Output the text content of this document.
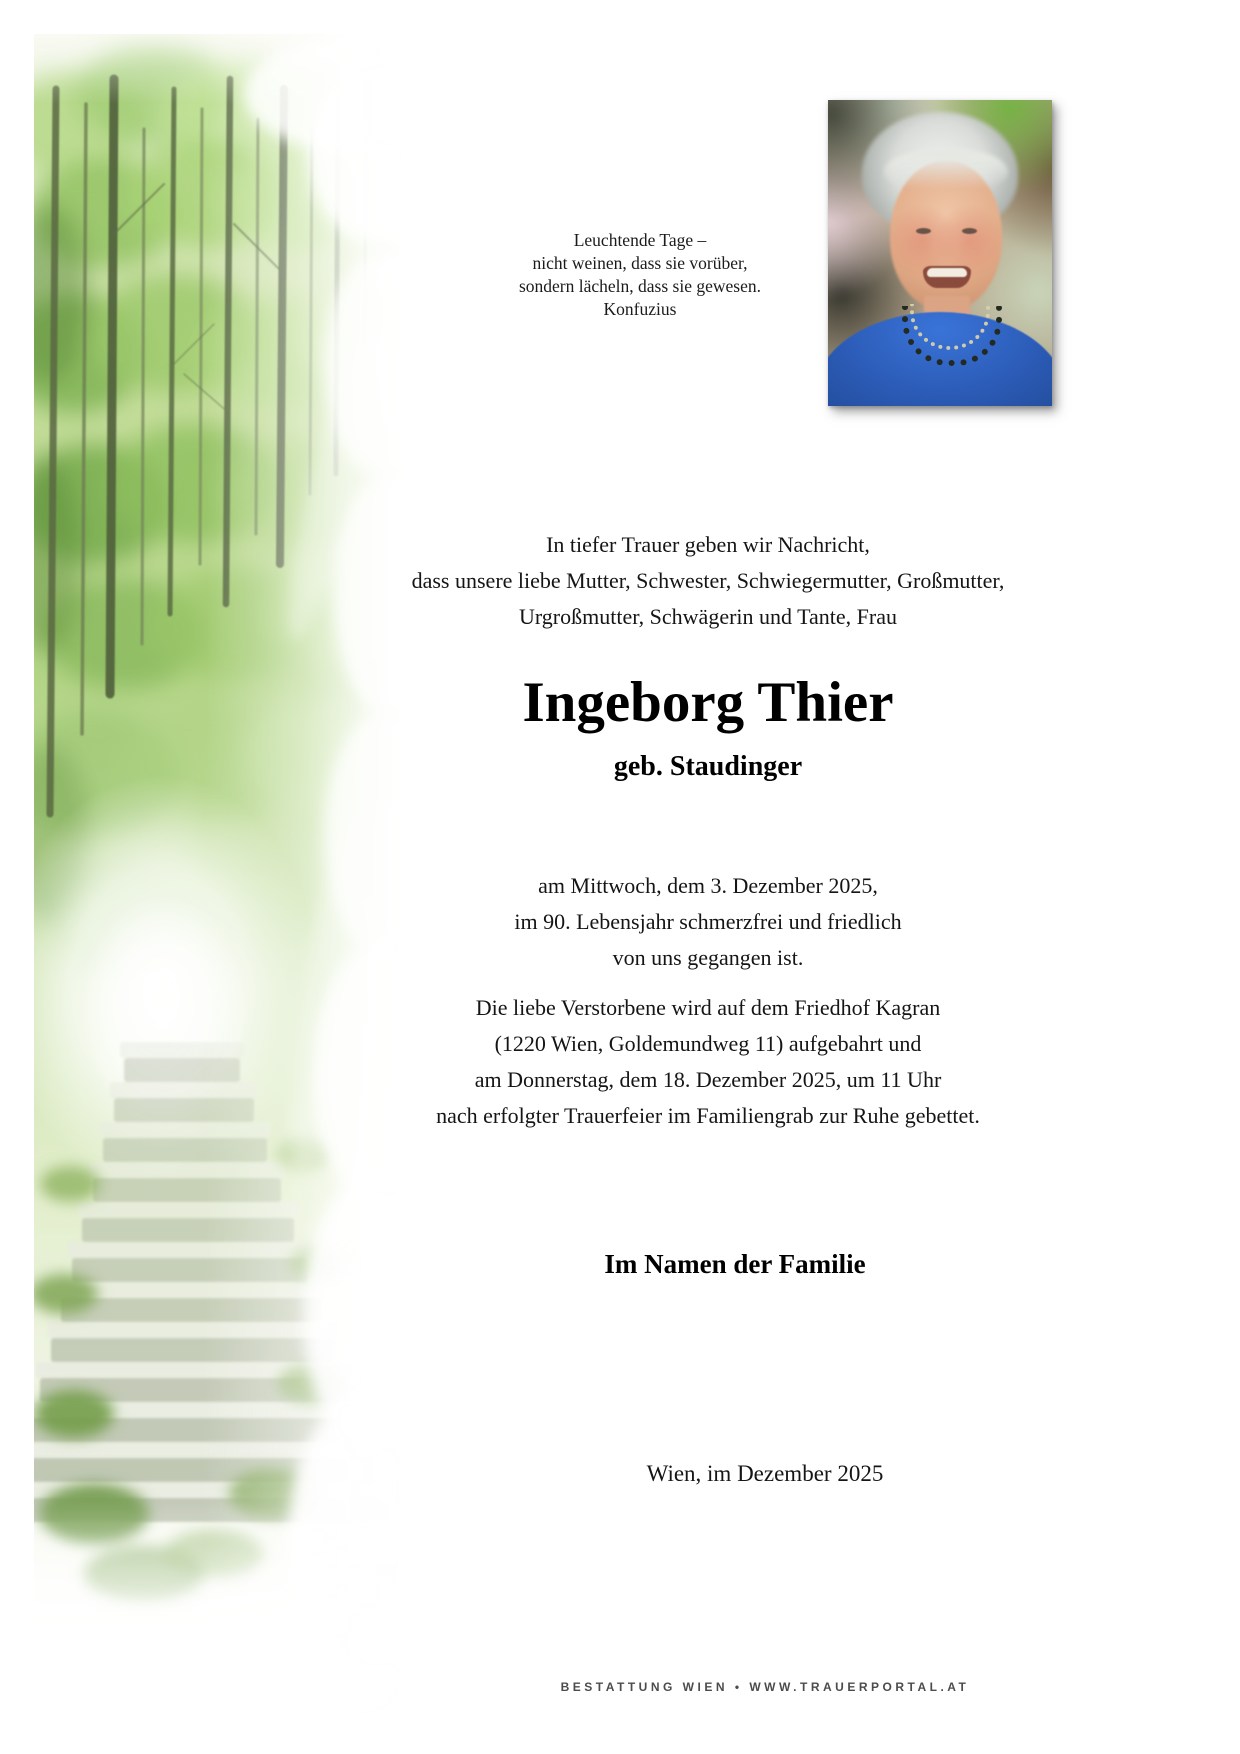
Leuchtende Tage –
nicht weinen, dass sie vorüber,
sondern lächeln, dass sie gewesen.
Konfuzius
In tiefer Trauer geben wir Nachricht,
dass unsere liebe Mutter, Schwester, Schwiegermutter, Großmutter,
Urgroßmutter, Schwägerin und Tante, Frau
Ingeborg Thier
geb. Staudinger
am Mittwoch, dem 3. Dezember 2025,
im 90. Lebensjahr schmerzfrei und friedlich
von uns gegangen ist.
Die liebe Verstorbene wird auf dem Friedhof Kagran
(1220 Wien, Goldemundweg 11) aufgebahrt und
am Donnerstag, dem 18. Dezember 2025, um 11 Uhr
nach erfolgter Trauerfeier im Familiengrab zur Ruhe gebettet.
Im Namen der Familie
Wien, im Dezember 2025
BESTATTUNG WIEN • WWW.TRAUERPORTAL.AT
